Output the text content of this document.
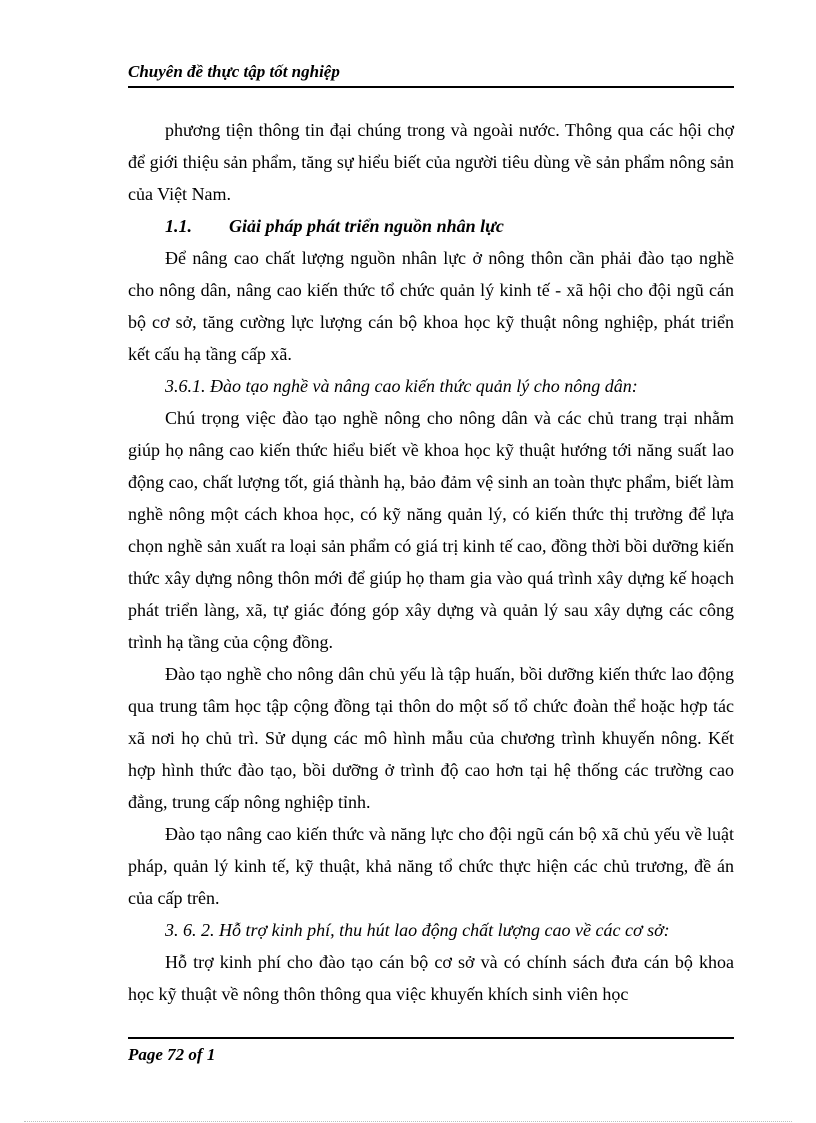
Chuyên đề thực tập tốt nghiệp

phương tiện thông tin đại chúng trong và ngoài nước. Thông qua các hội chợ để giới thiệu sản phẩm, tăng sự hiểu biết của người tiêu dùng về sản phẩm nông sản của Việt Nam.

1.1. Giải pháp phát triển nguồn nhân lực

Để nâng cao chất lượng nguồn nhân lực ở nông thôn cần phải đào tạo nghề cho nông dân, nâng cao kiến thức tổ chức quản lý kinh tế - xã hội cho đội ngũ cán bộ cơ sở, tăng cường lực lượng cán bộ khoa học kỹ thuật nông nghiệp, phát triển kết cấu hạ tầng cấp xã.

3.6.1. Đào tạo nghề và nâng cao kiến thức quản lý cho nông dân:

Chú trọng việc đào tạo nghề nông cho nông dân và các chủ trang trại nhằm giúp họ nâng cao kiến thức hiểu biết về khoa học kỹ thuật hướng tới năng suất lao động cao, chất lượng tốt, giá thành hạ, bảo đảm vệ sinh an toàn thực phẩm, biết làm nghề nông một cách khoa học, có kỹ năng quản lý, có kiến thức thị trường để lựa chọn nghề sản xuất ra loại sản phẩm có giá trị kinh tế cao, đồng thời bồi dưỡng kiến thức xây dựng nông thôn mới để giúp họ tham gia vào quá trình xây dựng kế hoạch phát triển làng, xã, tự giác đóng góp xây dựng và quản lý sau xây dựng các công trình hạ tầng của cộng đồng.

Đào tạo nghề cho nông dân chủ yếu là tập huấn, bồi dưỡng kiến thức lao động qua trung tâm học tập cộng đồng tại thôn do một số tổ chức đoàn thể hoặc hợp tác xã nơi họ chủ trì. Sử dụng các mô hình mẫu của chương trình khuyến nông. Kết hợp hình thức đào tạo, bồi dưỡng ở trình độ cao hơn tại hệ thống các trường cao đẳng, trung cấp nông nghiệp tỉnh.

Đào tạo nâng cao kiến thức và năng lực cho đội ngũ cán bộ xã chủ yếu về luật pháp, quản lý kinh tế, kỹ thuật, khả năng tổ chức thực hiện các chủ trương, đề án của cấp trên.

3. 6. 2. Hỗ trợ kinh phí, thu hút lao động chất lượng cao về các cơ sở:

Hỗ trợ kinh phí cho đào tạo cán bộ cơ sở và có chính sách đưa cán bộ khoa học kỹ thuật về nông thôn thông qua việc khuyến khích sinh viên học

Page 72 of 1
